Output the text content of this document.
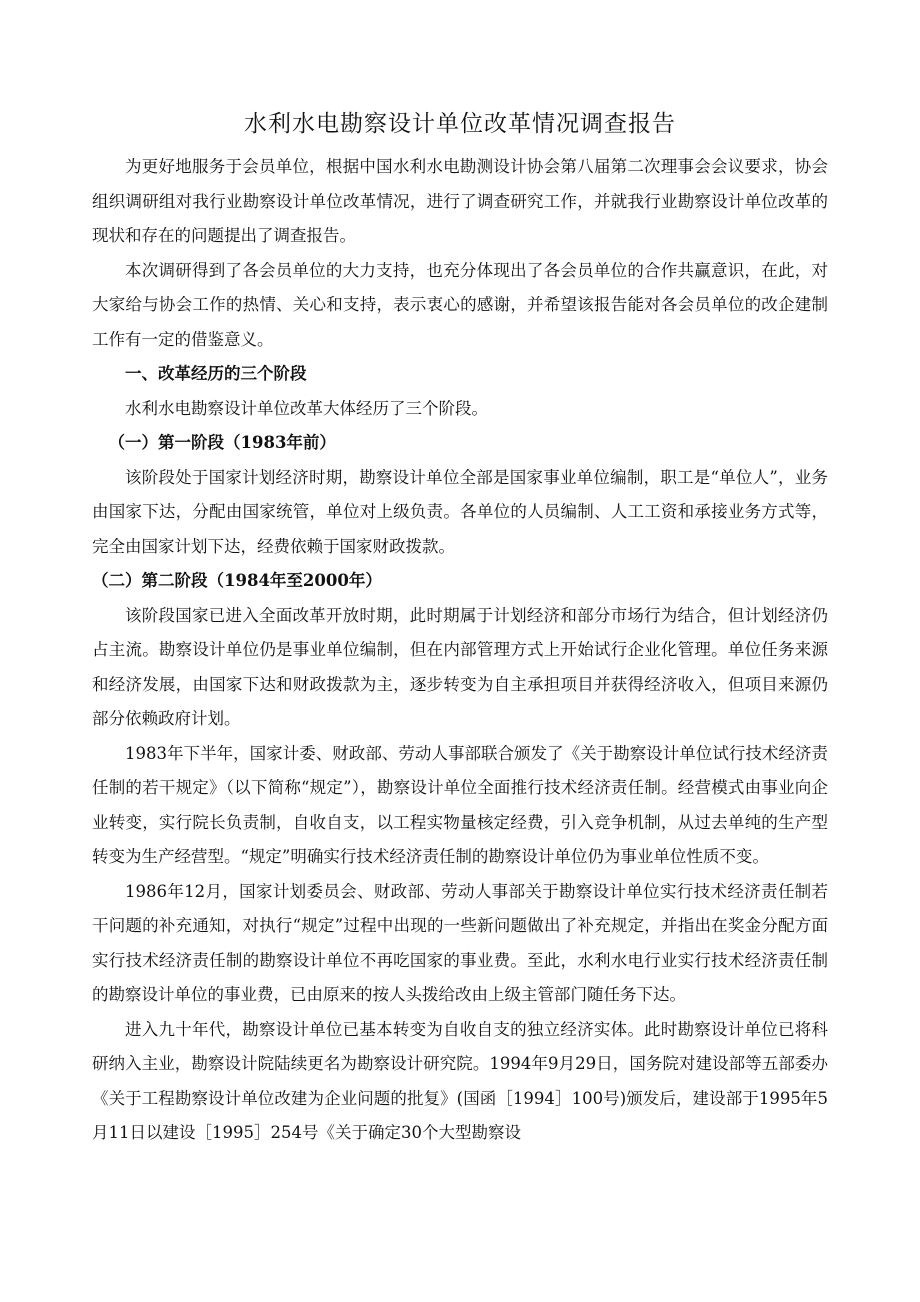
水利水电勘察设计单位改革情况调查报告

为更好地服务于会员单位，根据中国水利水电勘测设计协会第八届第二次理事会会议要求，协会组织调研组对我行业勘察设计单位改革情况，进行了调查研究工作，并就我行业勘察设计单位改革的现状和存在的问题提出了调查报告。

本次调研得到了各会员单位的大力支持，也充分体现出了各会员单位的合作共赢意识，在此，对大家给与协会工作的热情、关心和支持，表示衷心的感谢，并希望该报告能对各会员单位的改企建制工作有一定的借鉴意义。

一、改革经历的三个阶段

水利水电勘察设计单位改革大体经历了三个阶段。

（一）第一阶段（1983年前）

该阶段处于国家计划经济时期，勘察设计单位全部是国家事业单位编制，职工是“单位人”，业务由国家下达，分配由国家统管，单位对上级负责。各单位的人员编制、人工工资和承接业务方式等，完全由国家计划下达，经费依赖于国家财政拨款。

（二）第二阶段（1984年至2000年）

该阶段国家已进入全面改革开放时期，此时期属于计划经济和部分市场行为结合，但计划经济仍占主流。勘察设计单位仍是事业单位编制，但在内部管理方式上开始试行企业化管理。单位任务来源和经济发展，由国家下达和财政拨款为主，逐步转变为自主承担项目并获得经济收入，但项目来源仍部分依赖政府计划。

1983年下半年，国家计委、财政部、劳动人事部联合颁发了《关于勘察设计单位试行技术经济责任制的若干规定》（以下简称“规定”），勘察设计单位全面推行技术经济责任制。经营模式由事业向企业转变，实行院长负责制，自收自支，以工程实物量核定经费，引入竞争机制，从过去单纯的生产型转变为生产经营型。“规定”明确实行技术经济责任制的勘察设计单位仍为事业单位性质不变。

1986年12月，国家计划委员会、财政部、劳动人事部关于勘察设计单位实行技术经济责任制若干问题的补充通知，对执行“规定”过程中出现的一些新问题做出了补充规定，并指出在奖金分配方面实行技术经济责任制的勘察设计单位不再吃国家的事业费。至此，水利水电行业实行技术经济责任制的勘察设计单位的事业费，已由原来的按人头拨给改由上级主管部门随任务下达。

进入九十年代，勘察设计单位已基本转变为自收自支的独立经济实体。此时勘察设计单位已将科研纳入主业，勘察设计院陆续更名为勘察设计研究院。1994年9月29日，国务院对建设部等五部委办《关于工程勘察设计单位改建为企业问题的批复》(国函［1994］100号)颁发后，建设部于1995年5月11日以建设［1995］254号《关于确定30个大型勘察设
